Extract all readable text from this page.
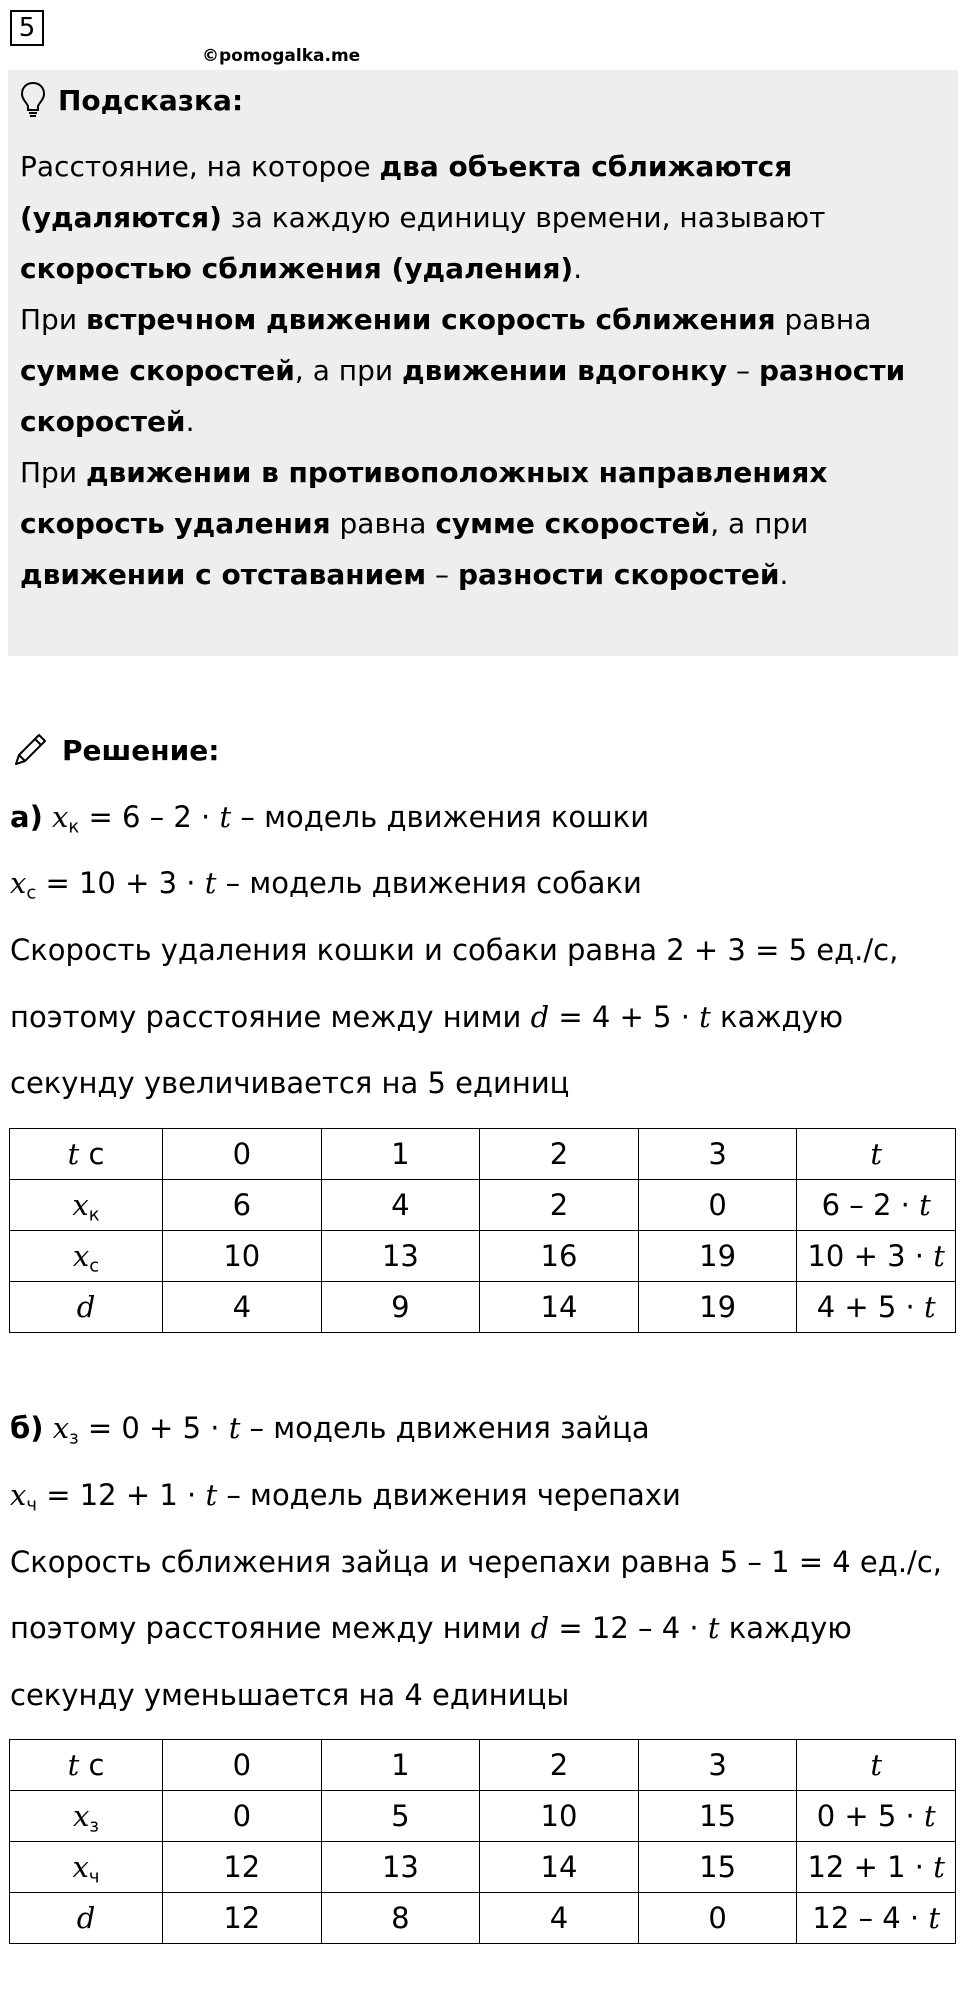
5
©pomogalka.me
Подсказка:

Расстояние, на которое два объекта сближаются (удаляются) за каждую единицу времени, называют скоростью сближения (удаления).

При встречном движении скорость сближения равна сумме скоростей, а при движении вдогонку – разности скоростей.

При движении в противоположных направлениях скорость удаления равна сумме скоростей, а при движении с отставанием – разности скоростей.

Решение:
а) $x_к = 6 - 2 \cdot t$ – модель движения кошки
$x_с = 10 + 3 \cdot t$ – модель движения собаки
Скорость удаления кошки и собаки равна 2 + 3 = 5 ед./с,
поэтому расстояние между ними d = 4 + 5 · t каждую
секунду увеличивается на 5 единиц
t с	0	1	2	3	t
$x_к$	6	4	2	0	6 – 2 · t
$x_с$	10	13	16	19	10 + 3 · t
d	4	9	14	19	4 + 5 · t
б) $x_з = 0 + 5 \cdot t$ – модель движения зайца
$x_ч = 12 + 1 \cdot t$ – модель движения черепахи
Скорость сближения зайца и черепахи равна 5 – 1 = 4 ед./с,
поэтому расстояние между ними d = 12 – 4 · t каждую
секунду уменьшается на 4 единицы
t с	0	1	2	3	t
$x_з$	0	5	10	15	0 + 5 · t
$x_ч$	12	13	14	15	12 + 1 · t
d	12	8	4	0	12 – 4 · t
